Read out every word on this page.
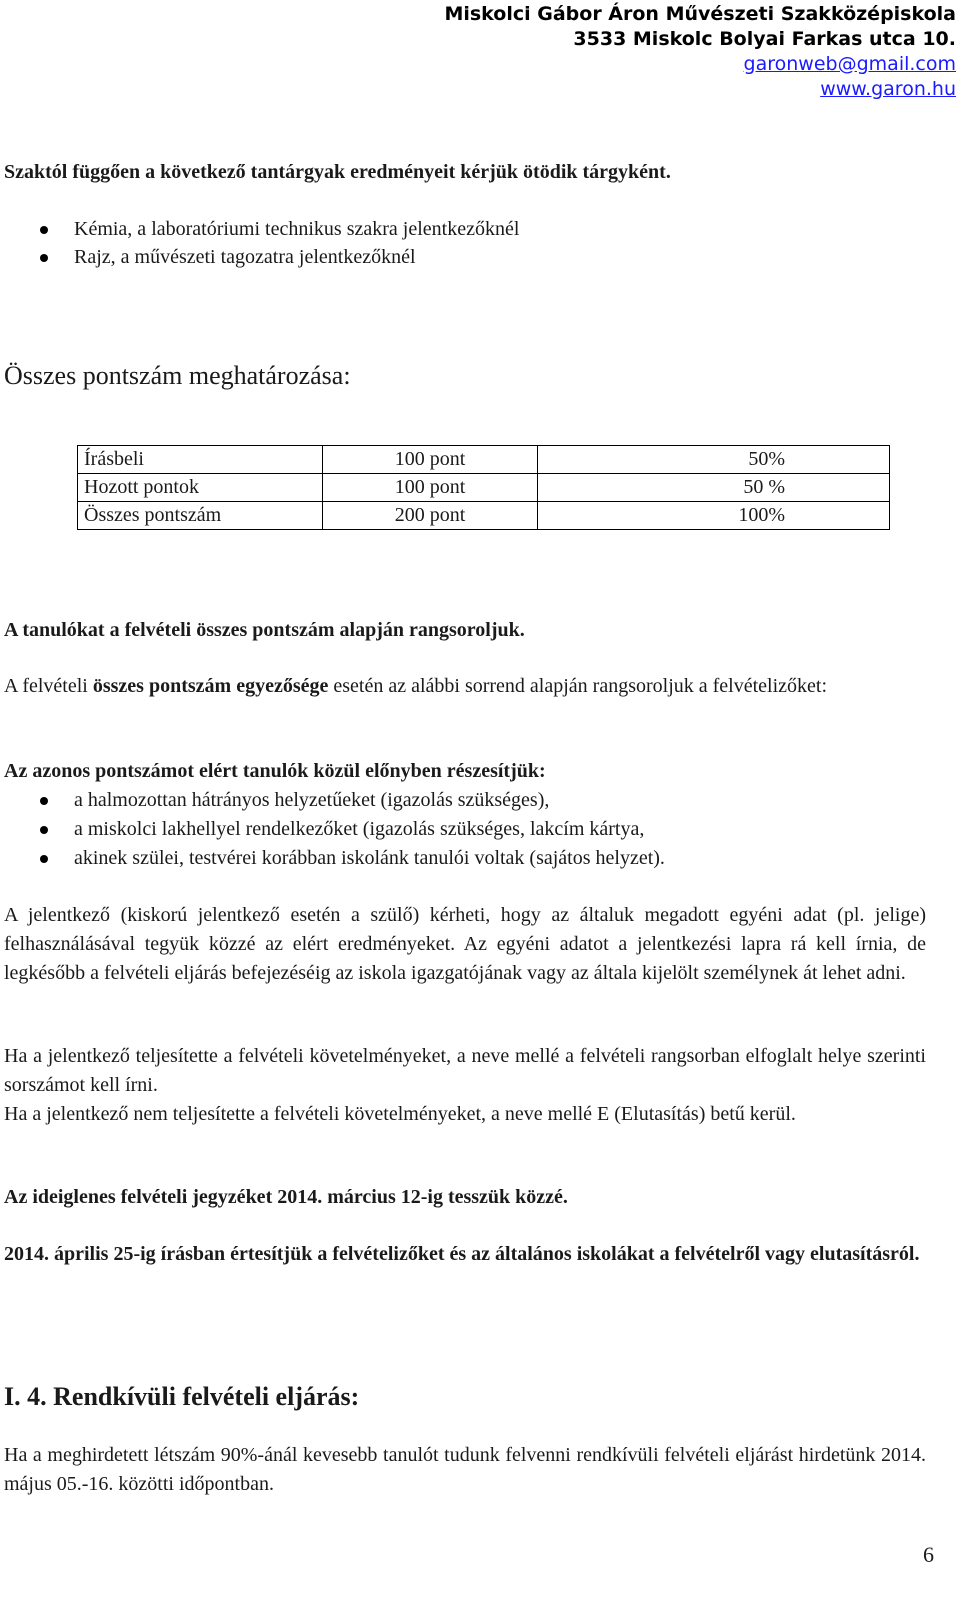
Miskolci Gábor Áron Művészeti Szakközépiskola
3533 Miskolc Bolyai Farkas utca 10.
garonweb@gmail.com
www.garon.hu
Szaktól függően a következő tantárgyak eredményeit kérjük ötödik tárgyként.
Kémia, a laboratóriumi technikus szakra jelentkezőknél
Rajz, a művészeti tagozatra jelentkezőknél
Összes pontszám meghatározása:
Írásbeli	100 pont	50%
Hozott pontok	100 pont	50 %
Összes pontszám	200 pont	100%
A tanulókat a felvételi összes pontszám alapján rangsoroljuk.
A felvételi összes pontszám egyezősége esetén az alábbi sorrend alapján rangsoroljuk a felvételizőket:
Az azonos pontszámot elért tanulók közül előnyben részesítjük:
a halmozottan hátrányos helyzetűeket (igazolás szükséges),
a miskolci lakhellyel rendelkezőket (igazolás szükséges, lakcím kártya,
akinek szülei, testvérei korábban iskolánk tanulói voltak (sajátos helyzet).
A jelentkező (kiskorú jelentkező esetén a szülő) kérheti, hogy az általuk megadott egyéni adat (pl. jelige) felhasználásával tegyük közzé az elért eredményeket. Az egyéni adatot a jelentkezési lapra rá kell írnia, de legkésőbb a felvételi eljárás befejezéséig az iskola igazgatójának vagy az általa kijelölt személynek át lehet adni.
Ha a jelentkező teljesítette a felvételi követelményeket, a neve mellé a felvételi rangsorban elfoglalt helye szerinti sorszámot kell írni.
Ha a jelentkező nem teljesítette a felvételi követelményeket, a neve mellé E (Elutasítás) betű kerül.
Az ideiglenes felvételi jegyzéket 2014. március 12-ig tesszük közzé.
2014. április 25-ig írásban értesítjük a felvételizőket és az általános iskolákat a felvételről vagy elutasításról.
I. 4. Rendkívüli felvételi eljárás:
Ha a meghirdetett létszám 90%-ánál kevesebb tanulót tudunk felvenni rendkívüli felvételi eljárást hirdetünk 2014. május 05.-16. közötti időpontban.
6
